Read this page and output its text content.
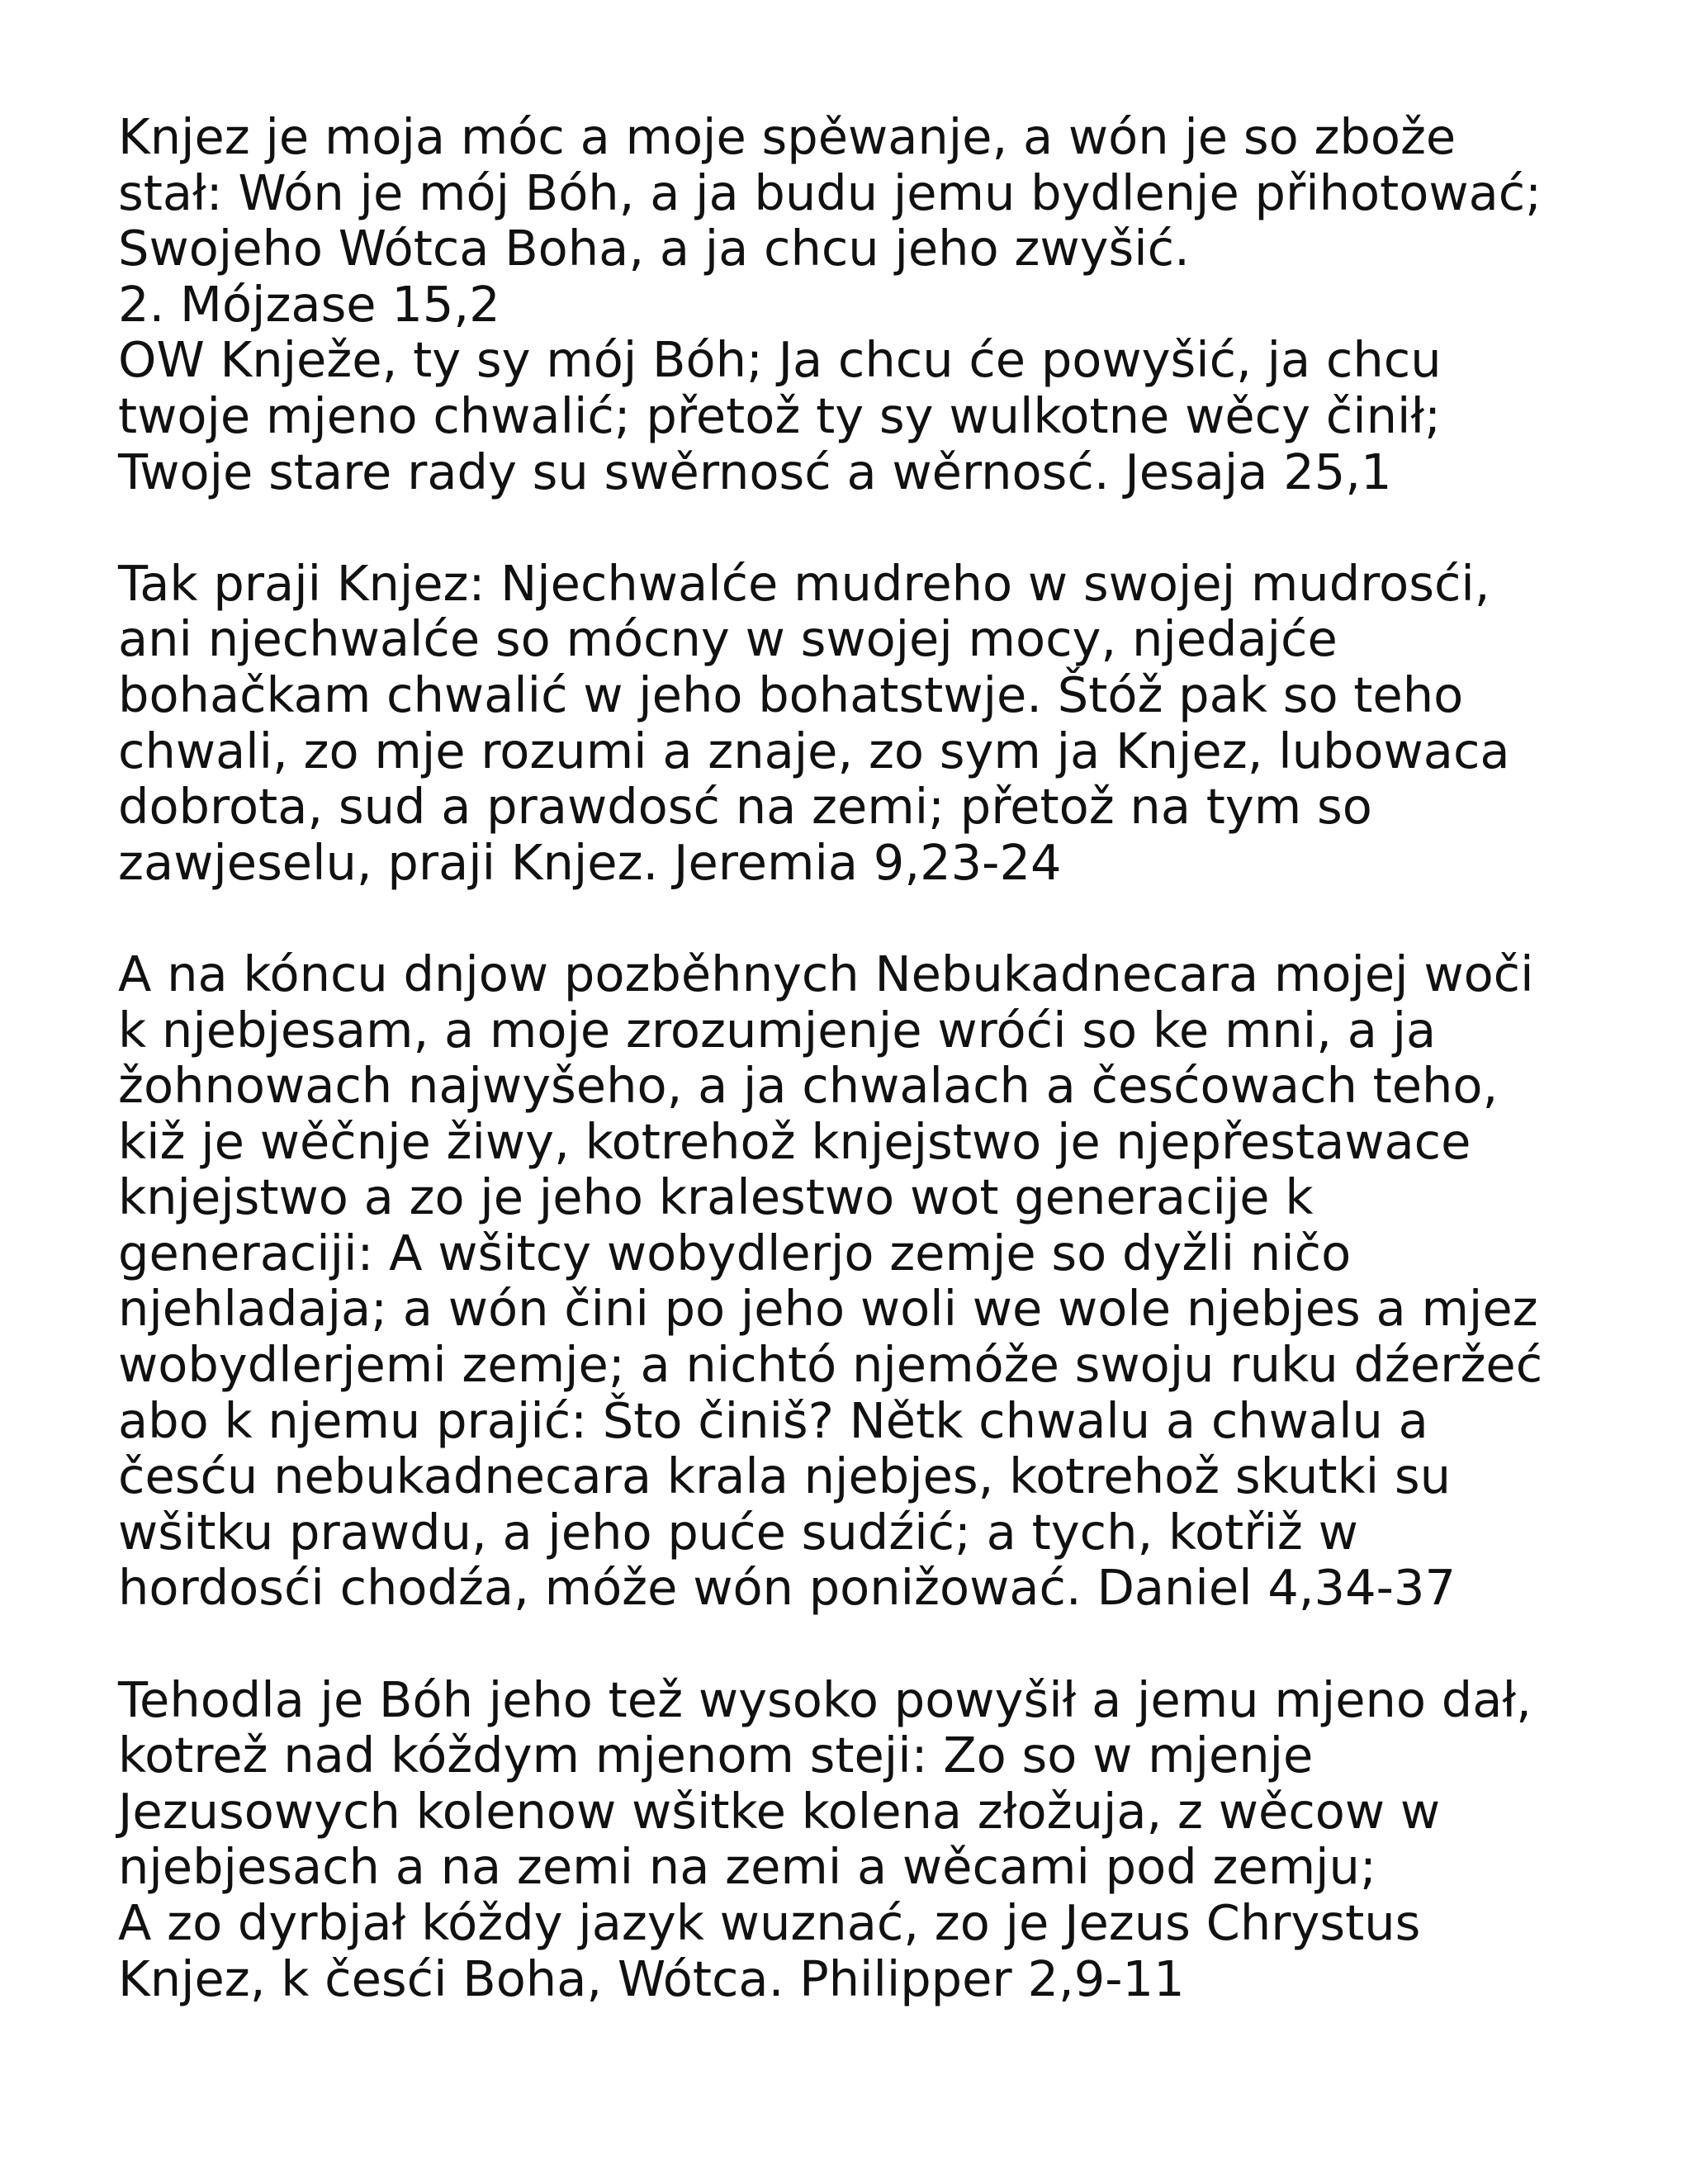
Knjez je moja móc a moje spěwanje, a wón je so zbože
stał: Wón je mój Bóh, a ja budu jemu bydlenje přihotować;
Swojeho Wótca Boha, a ja chcu jeho zwyšić.
2. Mójzase 15,2
OW Knježe, ty sy mój Bóh; Ja chcu će powyšić, ja chcu
twoje mjeno chwalić; přetož ty sy wulkotne wěcy činił;
Twoje stare rady su swěrnosć a wěrnosć. Jesaja 25,1

Tak praji Knjez: Njechwalće mudreho w swojej mudrosći,
ani njechwalće so mócny w swojej mocy, njedajće
bohačkam chwalić w jeho bohatstwje. Štóž pak so teho
chwali, zo mje rozumi a znaje, zo sym ja Knjez, lubowaca
dobrota, sud a prawdosć na zemi; přetož na tym so
zawjeselu, praji Knjez. Jeremia 9,23-24

A na kóncu dnjow pozběhnych Nebukadnecara mojej woči
k njebjesam, a moje zrozumjenje wróći so ke mni, a ja
žohnowach najwyšeho, a ja chwalach a česćowach teho,
kiž je wěčnje žiwy, kotrehož knjejstwo je njepřestawace
knjejstwo a zo je jeho kralestwo wot generacije k
generaciji: A wšitcy wobydlerjo zemje so dyžli ničo
njehladaja; a wón čini po jeho woli we wole njebjes a mjez
wobydlerjemi zemje; a nichtó njemóže swoju ruku dźeržeć
abo k njemu prajić: Što činiš? Nětk chwalu a chwalu a
česću nebukadnecara krala njebjes, kotrehož skutki su
wšitku prawdu, a jeho puće sudźić; a tych, kotřiž w
hordosći chodźa, móže wón ponižować. Daniel 4,34-37

Tehodla je Bóh jeho tež wysoko powyšił a jemu mjeno dał,
kotrež nad kóždym mjenom steji: Zo so w mjenje
Jezusowych kolenow wšitke kolena złožuja, z wěcow w
njebjesach a na zemi na zemi a wěcami pod zemju;
A zo dyrbjał kóždy jazyk wuznać, zo je Jezus Chrystus
Knjez, k česći Boha, Wótca. Philipper 2,9-11
